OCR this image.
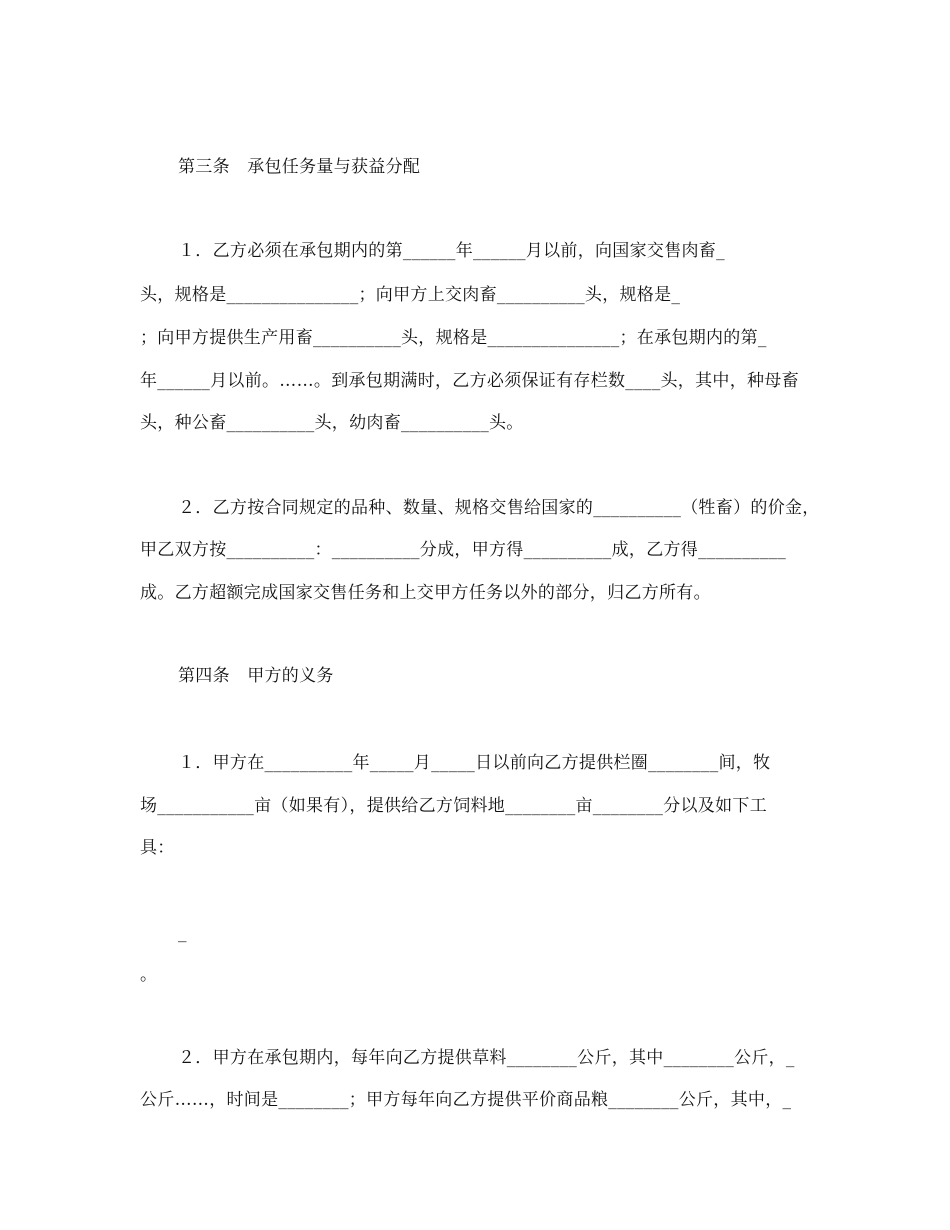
第三条　承包任务量与获益分配
１．乙方必须在承包期内的第______年______月以前，向国家交售肉畜_
头，规格是_______________；向甲方上交肉畜__________头，规格是_
；向甲方提供生产用畜__________头，规格是_______________；在承包期内的第_
年______月以前。……。到承包期满时，乙方必须保证有存栏数____头，其中，种母畜
头，种公畜__________头，幼肉畜__________头。
２．乙方按合同规定的品种、数量、规格交售给国家的__________（牲畜）的价金，
甲乙双方按__________：__________分成，甲方得__________成，乙方得__________
成。乙方超额完成国家交售任务和上交甲方任务以外的部分，归乙方所有。
第四条　甲方的义务
１．甲方在__________年_____月_____日以前向乙方提供栏圈________间，牧
场___________亩（如果有），提供给乙方饲料地________亩________分以及如下工
具：
_
。
２．甲方在承包期内，每年向乙方提供草料________公斤，其中________公斤，_
公斤……，时间是________；甲方每年向乙方提供平价商品粮________公斤，其中，_
